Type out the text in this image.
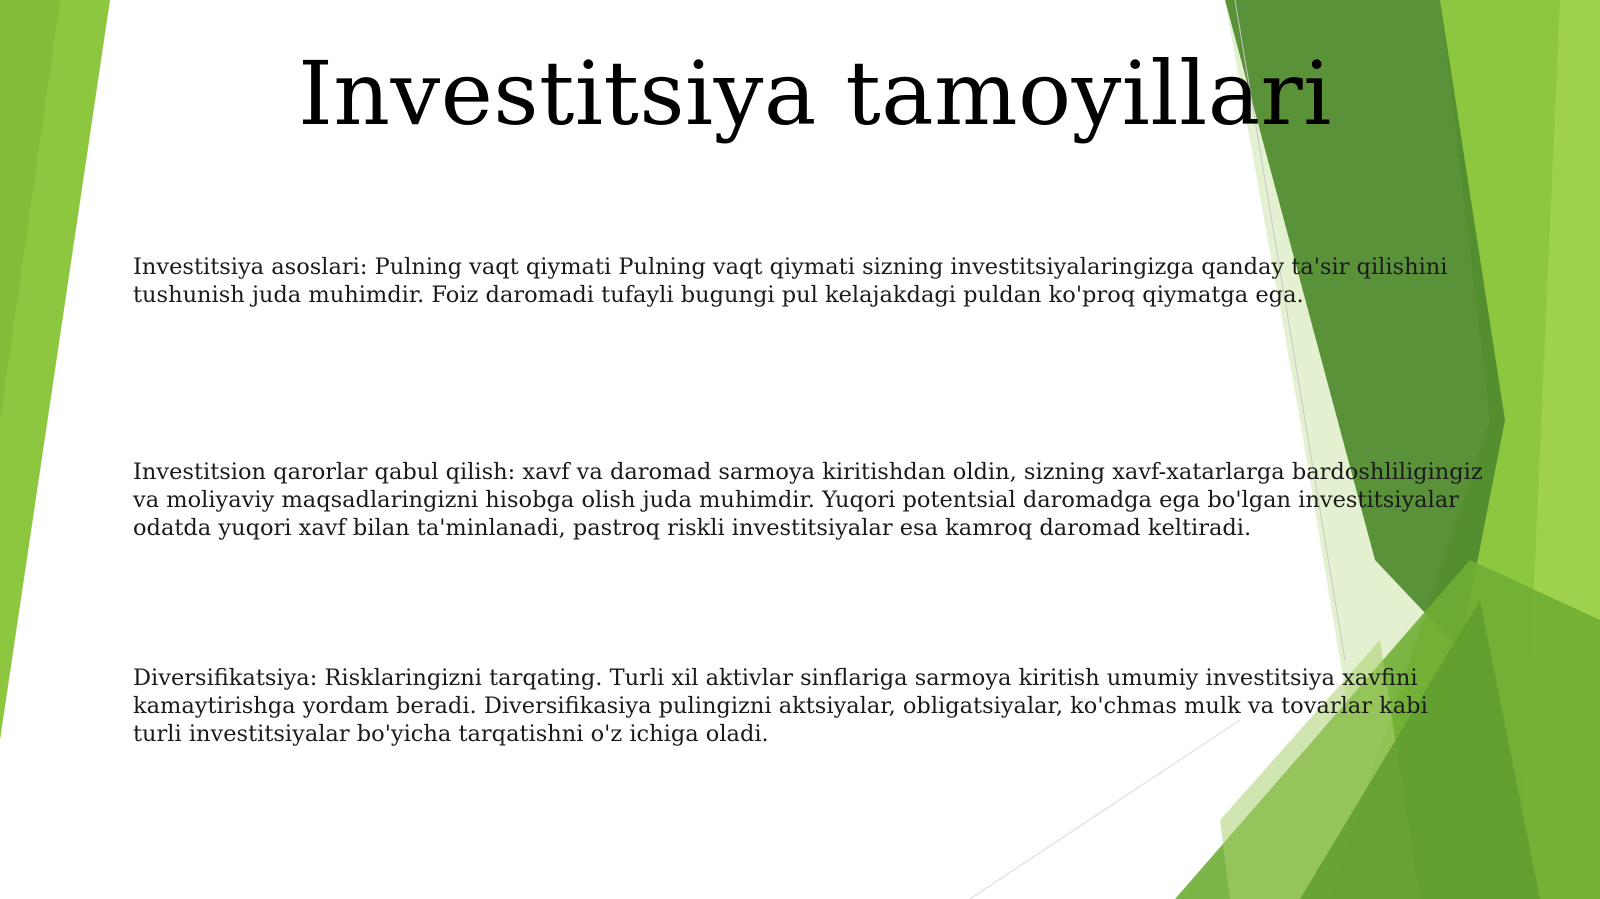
Investitsiya tamoyillari
Investitsiya asoslari: Pulning vaqt qiymati Pulning vaqt qiymati sizning investitsiyalaringizga qanday ta'sir qilishini tushunish juda muhimdir. Foiz daromadi tufayli bugungi pul kelajakdagi puldan ko'proq qiymatga ega.
Investitsion qarorlar qabul qilish: xavf va daromad sarmoya kiritishdan oldin, sizning xavf-xatarlarga bardoshliligingiz va moliyaviy maqsadlaringizni hisobga olish juda muhimdir. Yuqori potentsial daromadga ega bo'lgan investitsiyalar odatda yuqori xavf bilan ta'minlanadi, pastroq riskli investitsiyalar esa kamroq daromad keltiradi.
Diversifikatsiya: Risklaringizni tarqating. Turli xil aktivlar sinflariga sarmoya kiritish umumiy investitsiya xavfini kamaytirishga yordam beradi. Diversifikasiya pulingizni aktsiyalar, obligatsiyalar, ko'chmas mulk va tovarlar kabi turli investitsiyalar bo'yicha tarqatishni o'z ichiga oladi.
